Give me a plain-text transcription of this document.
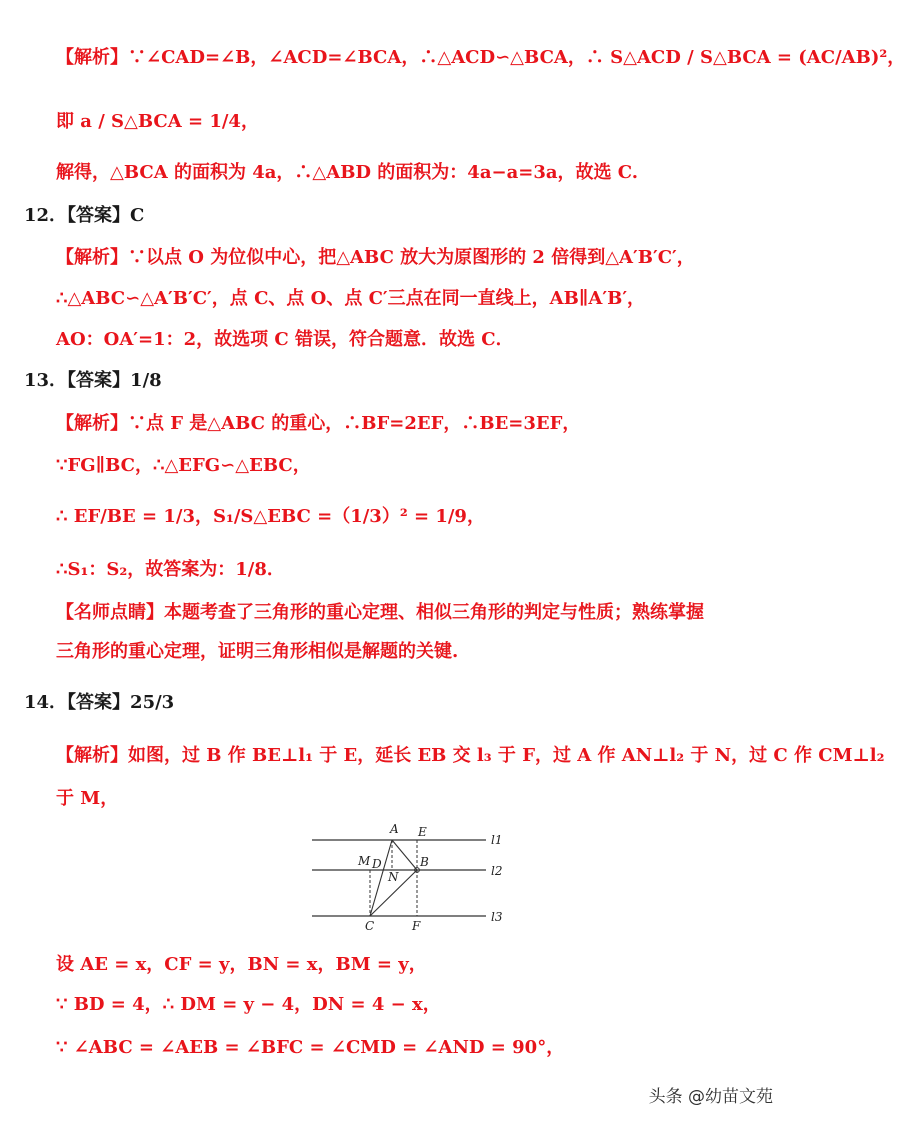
【解析】∵∠CAD=∠B，∠ACD=∠BCA，∴△ACD∽△BCA，∴ S△ACD / S△BCA = (AC/AB)²，
即 a / S△BCA = 1/4，
解得，△BCA 的面积为 4a，∴△ABD 的面积为：4a−a=3a，故选 C.
12．【答案】C
【解析】∵以点 O 为位似中心，把△ABC 放大为原图形的 2 倍得到△A′B′C′，
∴△ABC∽△A′B′C′，点 C、点 O、点 C′三点在同一直线上，AB∥A′B′，
AO：OA′=1：2，故选项 C 错误，符合题意．故选 C．
13．【答案】1/8
【解析】∵点 F 是△ABC 的重心，∴BF=2EF，∴BE=3EF，
∵FG∥BC，∴△EFG∽△EBC，
∴ EF/BE = 1/3，S₁/S△EBC =（1/3）² = 1/9，
∴S₁：S₂，故答案为：1/8．
【名师点睛】本题考查了三角形的重心定理、相似三角形的判定与性质；熟练掌握
三角形的重心定理，证明三角形相似是解题的关键.
14．【答案】25/3
【解析】如图，过 B 作 BE⊥l₁ 于 E，延长 EB 交 l₃ 于 F，过 A 作 AN⊥l₂ 于 N，过 C 作 CM⊥l₂
于 M，
设 AE = x，CF = y，BN = x，BM = y，
∵ BD = 4，∴ DM = y − 4，DN = 4 − x，
∵ ∠ABC = ∠AEB = ∠BFC = ∠CMD = ∠AND = 90°，
A E
M D	B
N
C	F
l1
l2
l3
头条 @幼苗文苑
